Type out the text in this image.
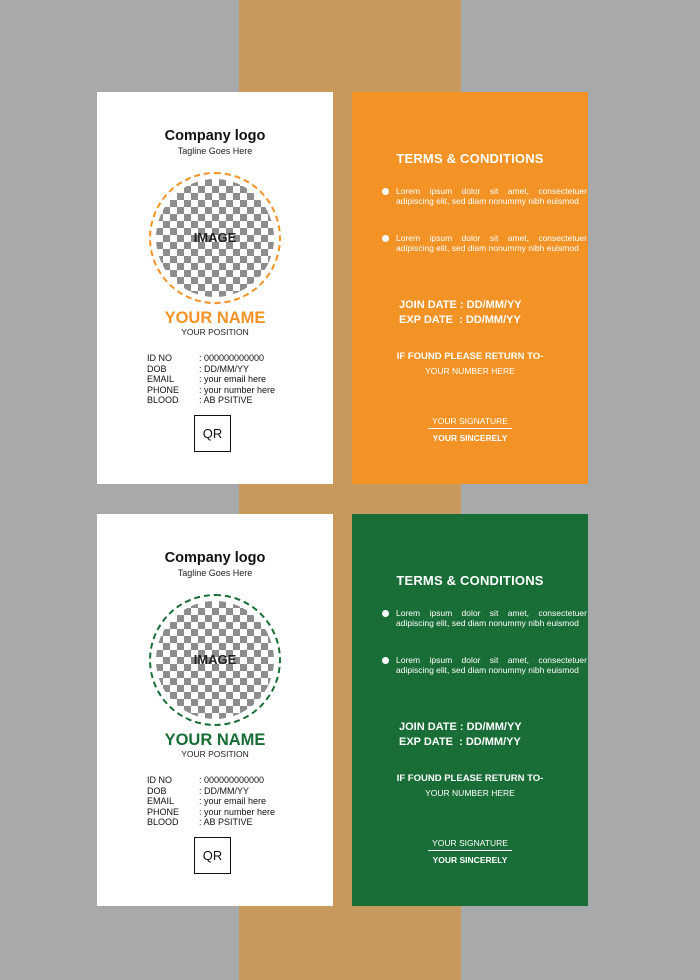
Company logo
Tagline Goes Here
IMAGE
YOUR NAME
YOUR POSITION
ID NO	: 000000000000
DOB	: DD/MM/YY
EMAIL	: your email here
PHONE	: your number here
BLOOD	: AB PSITIVE
QR
TERMS & CONDITIONS
Lorem ipsum dolor sit amet, consectetuer adipiscing elit, sed diam nonummy nibh euismod
Lorem ipsum dolor sit amet, consectetuer adipiscing elit, sed diam nonummy nibh euismod
JOIN DATE : DD/MM/YY
EXP DATE  : DD/MM/YY
IF FOUND PLEASE RETURN TO-
YOUR NUMBER HERE
YOUR SIGNATURE
YOUR SINCERELY
Company logo
Tagline Goes Here
IMAGE
YOUR NAME
YOUR POSITION
ID NO	: 000000000000
DOB	: DD/MM/YY
EMAIL	: your email here
PHONE	: your number here
BLOOD	: AB PSITIVE
QR
TERMS & CONDITIONS
Lorem ipsum dolor sit amet, consectetuer adipiscing elit, sed diam nonummy nibh euismod
Lorem ipsum dolor sit amet, consectetuer adipiscing elit, sed diam nonummy nibh euismod
JOIN DATE : DD/MM/YY
EXP DATE  : DD/MM/YY
IF FOUND PLEASE RETURN TO-
YOUR NUMBER HERE
YOUR SIGNATURE
YOUR SINCERELY
